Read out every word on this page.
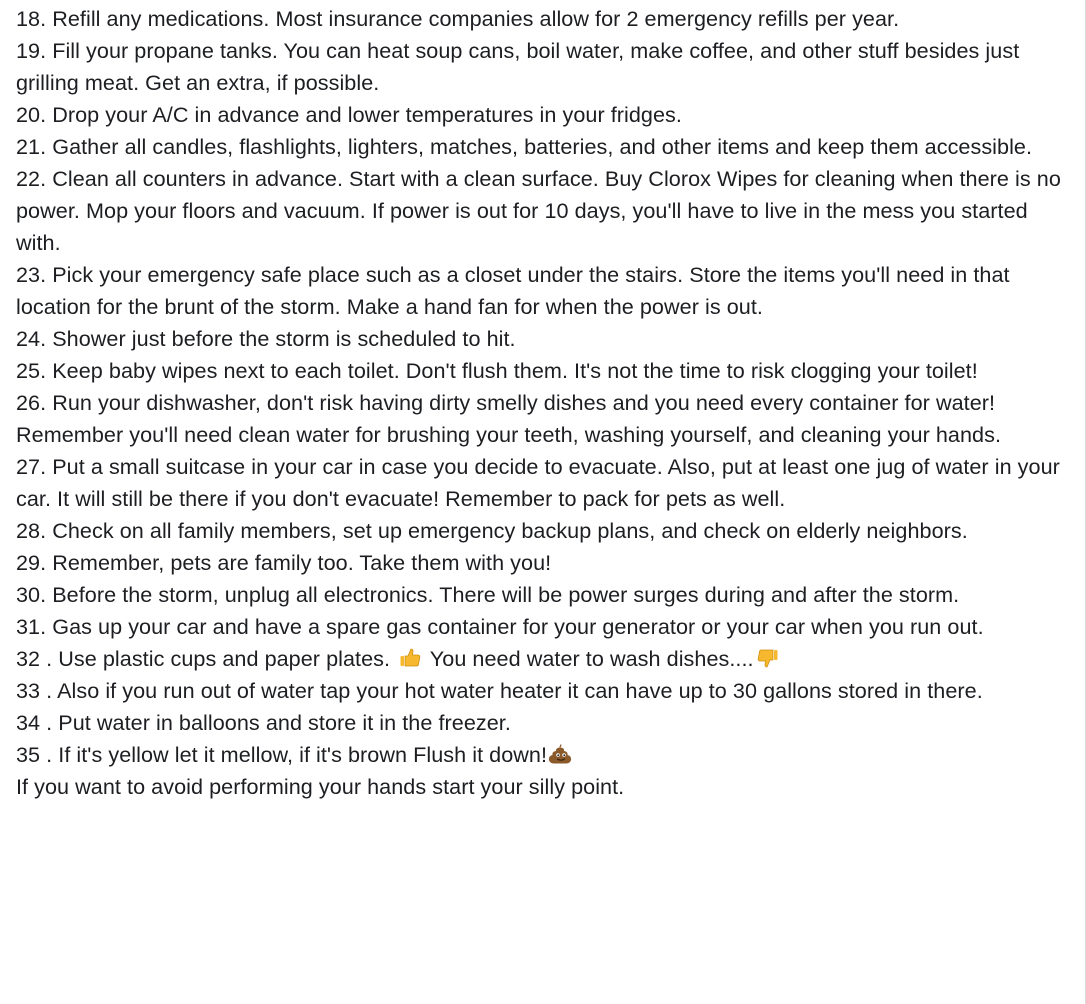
18. Refill any medications. Most insurance companies allow for 2 emergency refills per year.
19. Fill your propane tanks. You can heat soup cans, boil water, make coffee, and other stuff besides just grilling meat. Get an extra, if possible.
20. Drop your A/C in advance and lower temperatures in your fridges.
21. Gather all candles, flashlights, lighters, matches, batteries, and other items and keep them accessible.
22. Clean all counters in advance. Start with a clean surface. Buy Clorox Wipes for cleaning when there is no power. Mop your floors and vacuum. If power is out for 10 days, you'll have to live in the mess you started with.
23. Pick your emergency safe place such as a closet under the stairs. Store the items you'll need in that location for the brunt of the storm. Make a hand fan for when the power is out.
24. Shower just before the storm is scheduled to hit.
25. Keep baby wipes next to each toilet. Don't flush them. It's not the time to risk clogging your toilet!
26. Run your dishwasher, don't risk having dirty smelly dishes and you need every container for water! Remember you'll need clean water for brushing your teeth, washing yourself, and cleaning your hands.
27. Put a small suitcase in your car in case you decide to evacuate. Also, put at least one jug of water in your car. It will still be there if you don't evacuate! Remember to pack for pets as well.
28. Check on all family members, set up emergency backup plans, and check on elderly neighbors.
29. Remember, pets are family too. Take them with you!
30. Before the storm, unplug all electronics. There will be power surges during and after the storm.
31. Gas up your car and have a spare gas container for your generator or your car when you run out.
32 . Use plastic cups and paper plates.
You need water to wash dishes....
33 . Also if you run out of water tap your hot water heater it can have up to 30 gallons stored in there.
34 . Put water in balloons and store it in the freezer.
35 . If it's yellow let it mellow, if it's brown Flush it down!
If you want to avoid performing your hands start your silly point.
